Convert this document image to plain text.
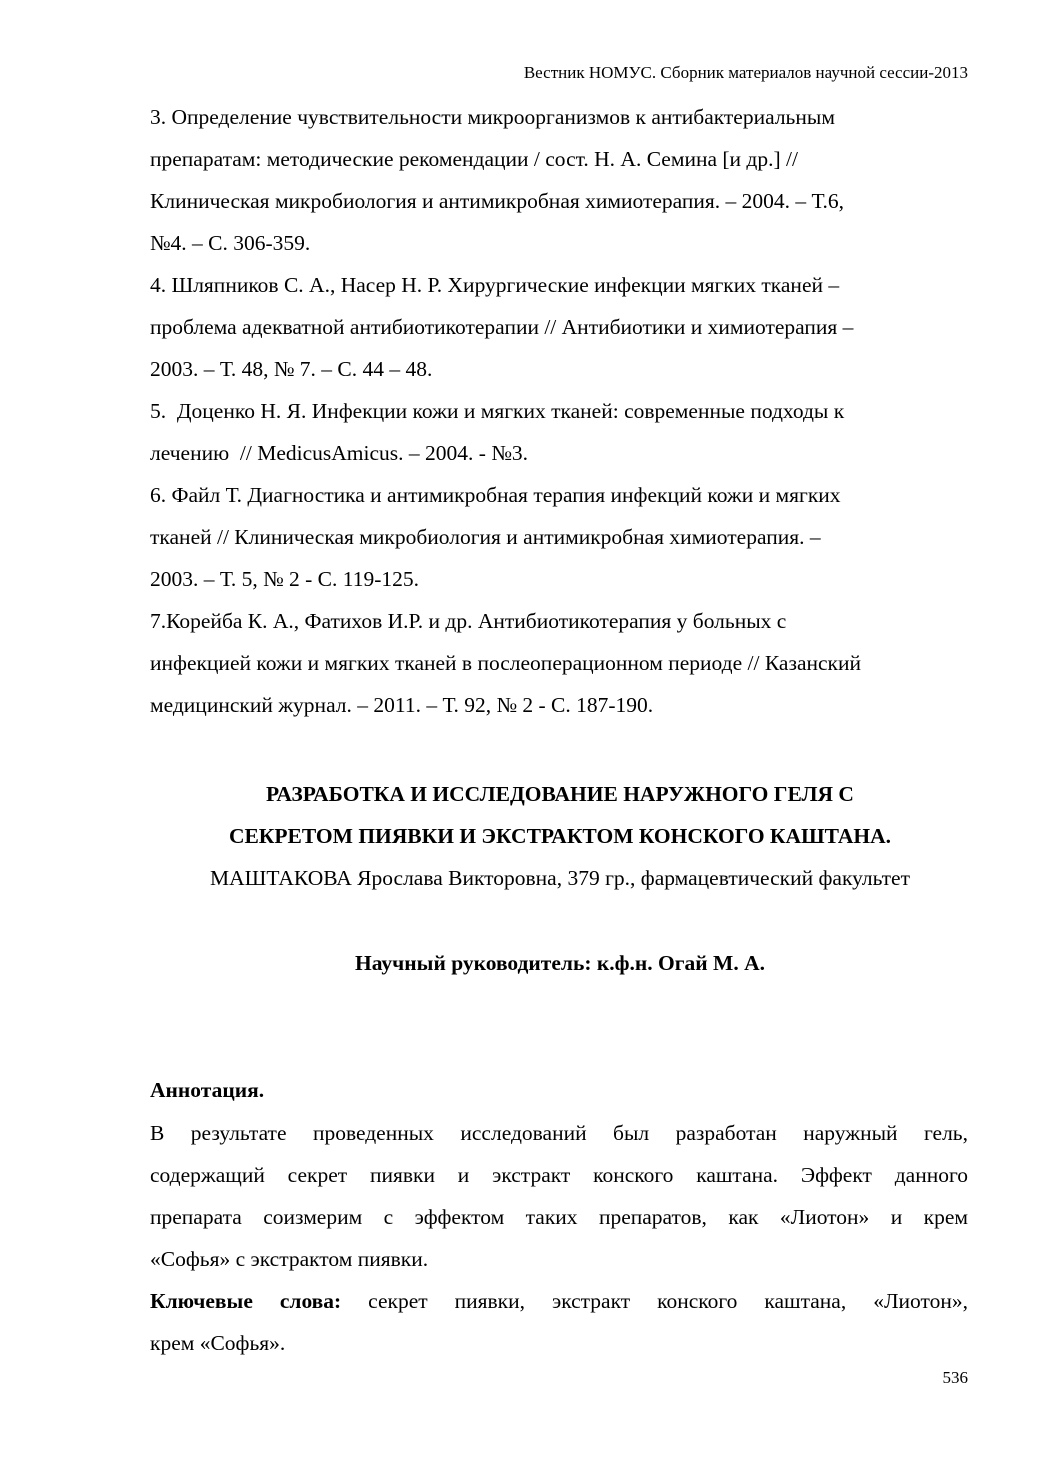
Вестник НОМУС. Сборник материалов научной сессии-2013
3. Определение чувствительности микроорганизмов к антибактериальным
препаратам: методические рекомендации / сост. Н. А. Семина [и др.] //
Клиническая микробиология и антимикробная химиотерапия. – 2004. – Т.6,
№4. – С. 306-359.
4. Шляпников С. А., Насер Н. Р. Хирургические инфекции мягких тканей –
проблема адекватной антибиотикотерапии // Антибиотики и химиотерапия –
2003. – Т. 48, № 7. – С. 44 – 48.
5.  Доценко Н. Я. Инфекции кожи и мягких тканей: современные подходы к
лечению  // MedicusAmicus. – 2004. - №3.
6. Файл Т. Диагностика и антимикробная терапия инфекций кожи и мягких
тканей // Клиническая микробиология и антимикробная химиотерапия. –
2003. – Т. 5, № 2 - С. 119-125.
7.Корейба К. А., Фатихов И.Р. и др. Антибиотикотерапия у больных с
инфекцией кожи и мягких тканей в послеоперационном периоде // Казанский
медицинский журнал. – 2011. – Т. 92, № 2 - С. 187-190.
РАЗРАБОТКА И ИССЛЕДОВАНИЕ НАРУЖНОГО ГЕЛЯ С
СЕКРЕТОМ ПИЯВКИ И ЭКСТРАКТОМ КОНСКОГО КАШТАНА.
МАШТАКОВА Ярослава Викторовна, 379 гр., фармацевтический факультет
Научный руководитель: к.ф.н. Огай М. А.
Аннотация.
В результате проведенных исследований был разработан наружный гель,
содержащий секрет пиявки и экстракт конского каштана. Эффект данного
препарата соизмерим с эффектом таких препаратов, как «Лиотон» и крем
«Софья» с экстрактом пиявки.
Ключевые слова: секрет пиявки, экстракт конского каштана, «Лиотон»,
крем «Софья».
536
